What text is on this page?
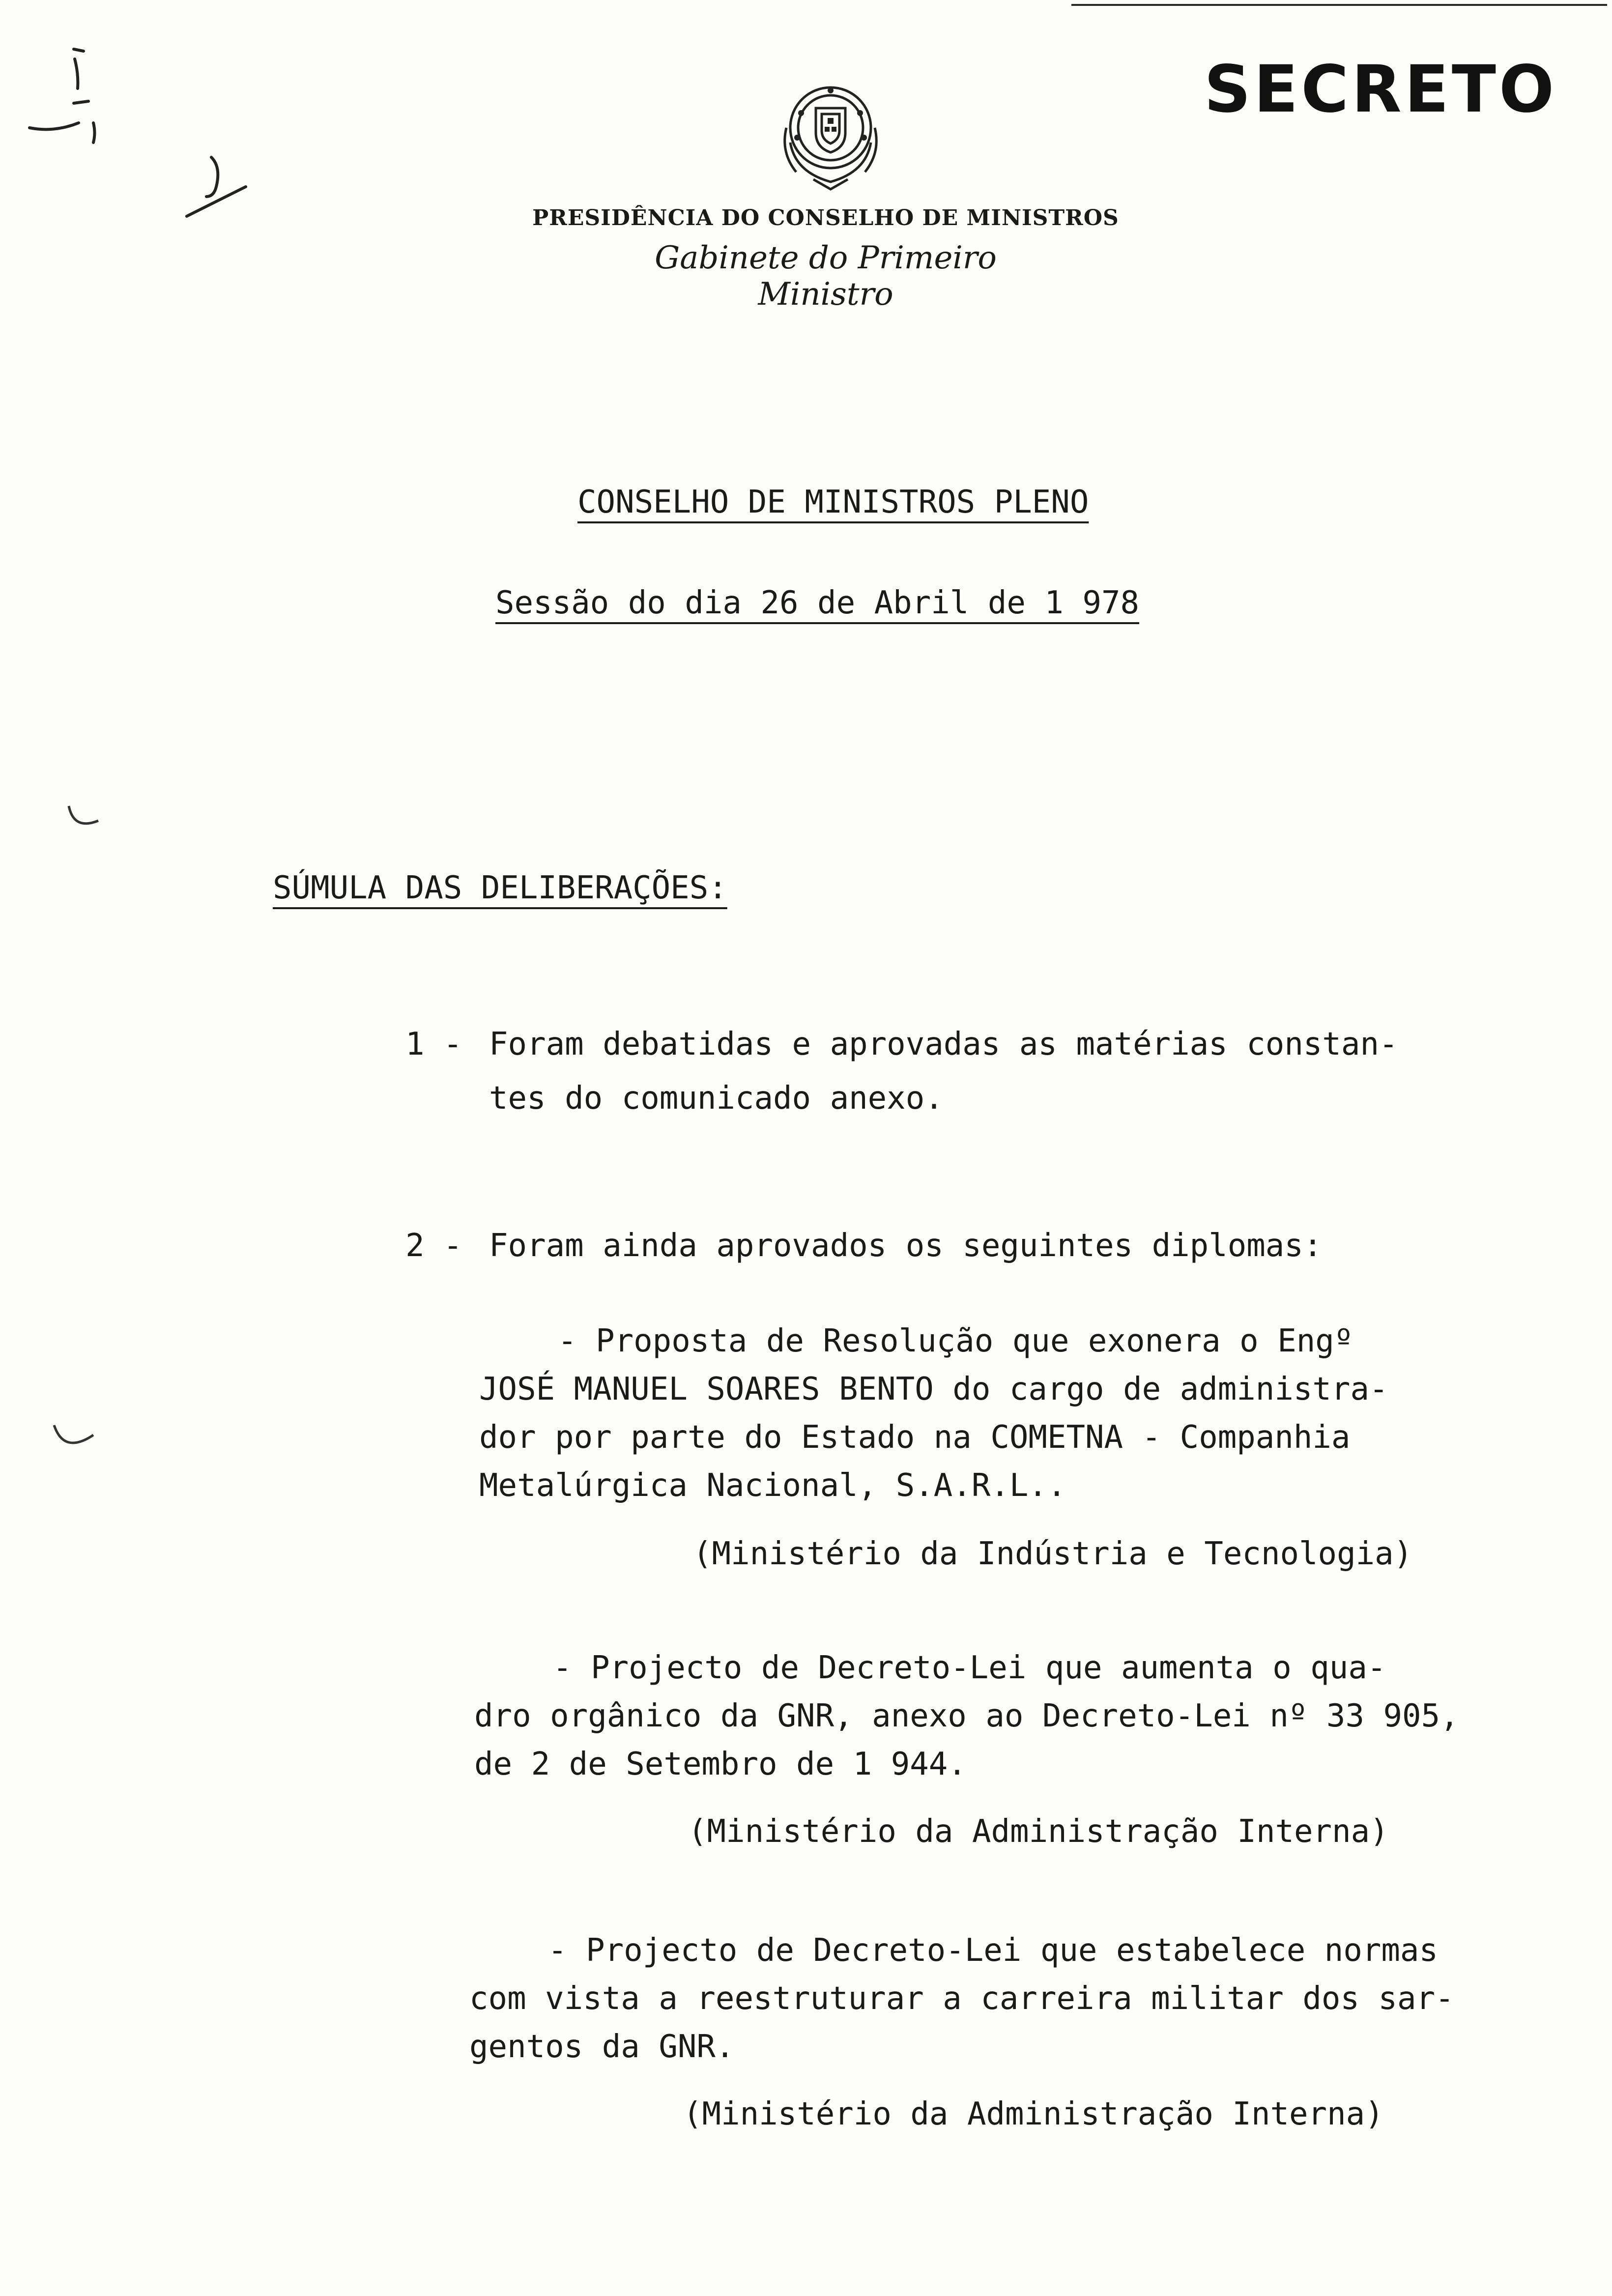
SECRETO
PRESIDÊNCIA DO CONSELHO DE MINISTROS
Gabinete do Primeiro Ministro
CONSELHO DE MINISTROS PLENO
Sessão do dia 26 de Abril de 1 978
SÚMULA DAS DELIBERAÇÕES:
1 - Foram debatidas e aprovadas as matérias constan-
tes do comunicado anexo.
2 - Foram ainda aprovados os seguintes diplomas:
- Proposta de Resolução que exonera o Engº
JOSÉ MANUEL SOARES BENTO do cargo de administra-
dor por parte do Estado na COMETNA - Companhia
Metalúrgica Nacional, S.A.R.L..
(Ministério da Indústria e Tecnologia)
- Projecto de Decreto-Lei que aumenta o qua-
dro orgânico da GNR, anexo ao Decreto-Lei nº 33 905,
de 2 de Setembro de 1 944.
(Ministério da Administração Interna)
- Projecto de Decreto-Lei que estabelece normas
com vista a reestruturar a carreira militar dos sar-
gentos da GNR.
(Ministério da Administração Interna)
